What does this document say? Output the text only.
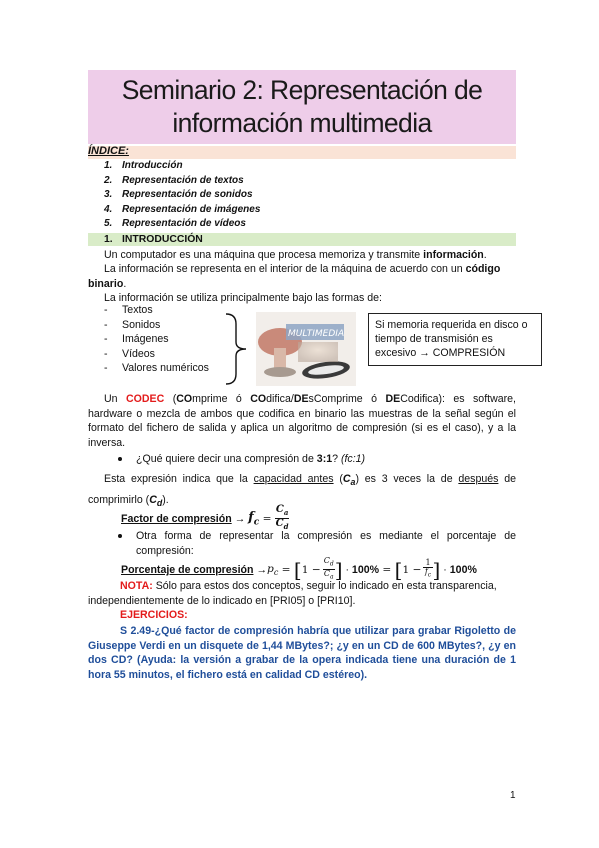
Seminario 2: Representación de
información multimedia
ÍNDICE:
1. Introducción
2. Representación de textos
3. Representación de sonidos
4. Representación de imágenes
5. Representación de vídeos
1. INTRODUCCIÓN
Un computador es una máquina que procesa memoriza y transmite información.
La información se representa en el interior de la máquina de acuerdo con un código binario.
La información se utiliza principalmente bajo las formas de:
- Textos
- Sonidos
- Imágenes
- Vídeos
- Valores numéricos
MULTIMEDIA
Si memoria requerida en disco o tiempo de transmisión es excesivo → COMPRESIÓN
Un CODEC (COmprime ó COdifica/DEsComprime ó DECodifica): es software, hardware o mezcla de ambos que codifica en binario las muestras de la señal según el formato del fichero de salida y aplica un algoritmo de compresión (si es el caso), y a la inversa.
¿Qué quiere decir una compresión de 3:1? (fc:1)
Esta expresión indica que la capacidad antes $(C_a)$ es 3 veces la de después de comprimirlo $(C_d)$.
Factor de compresión → $f_c = \frac{C_a}{C_d}$
Otra forma de representar la compresión es mediante el porcentaje de compresión:
Porcentaje de compresión → $p_c$ = [ $1 - \frac{C_d}{C_a}$ ] · 100% = [ $1 - \frac{1}{f_c}$ ] · 100%
NOTA: Sólo para estos dos conceptos, seguir lo indicado en esta transparencia, independientemente de lo indicado en [PRI05] o [PRI10].
EJERCICIOS:
S 2.49-¿Qué factor de compresión habría que utilizar para grabar Rigoletto de Giuseppe Verdi en un disquete de 1,44 MBytes?; ¿y en un CD de 600 MBytes?, ¿y en dos CD? (Ayuda: la versión a grabar de la opera indicada tiene una duración de 1 hora 55 minutos, el fichero está en calidad CD estéreo).
1
